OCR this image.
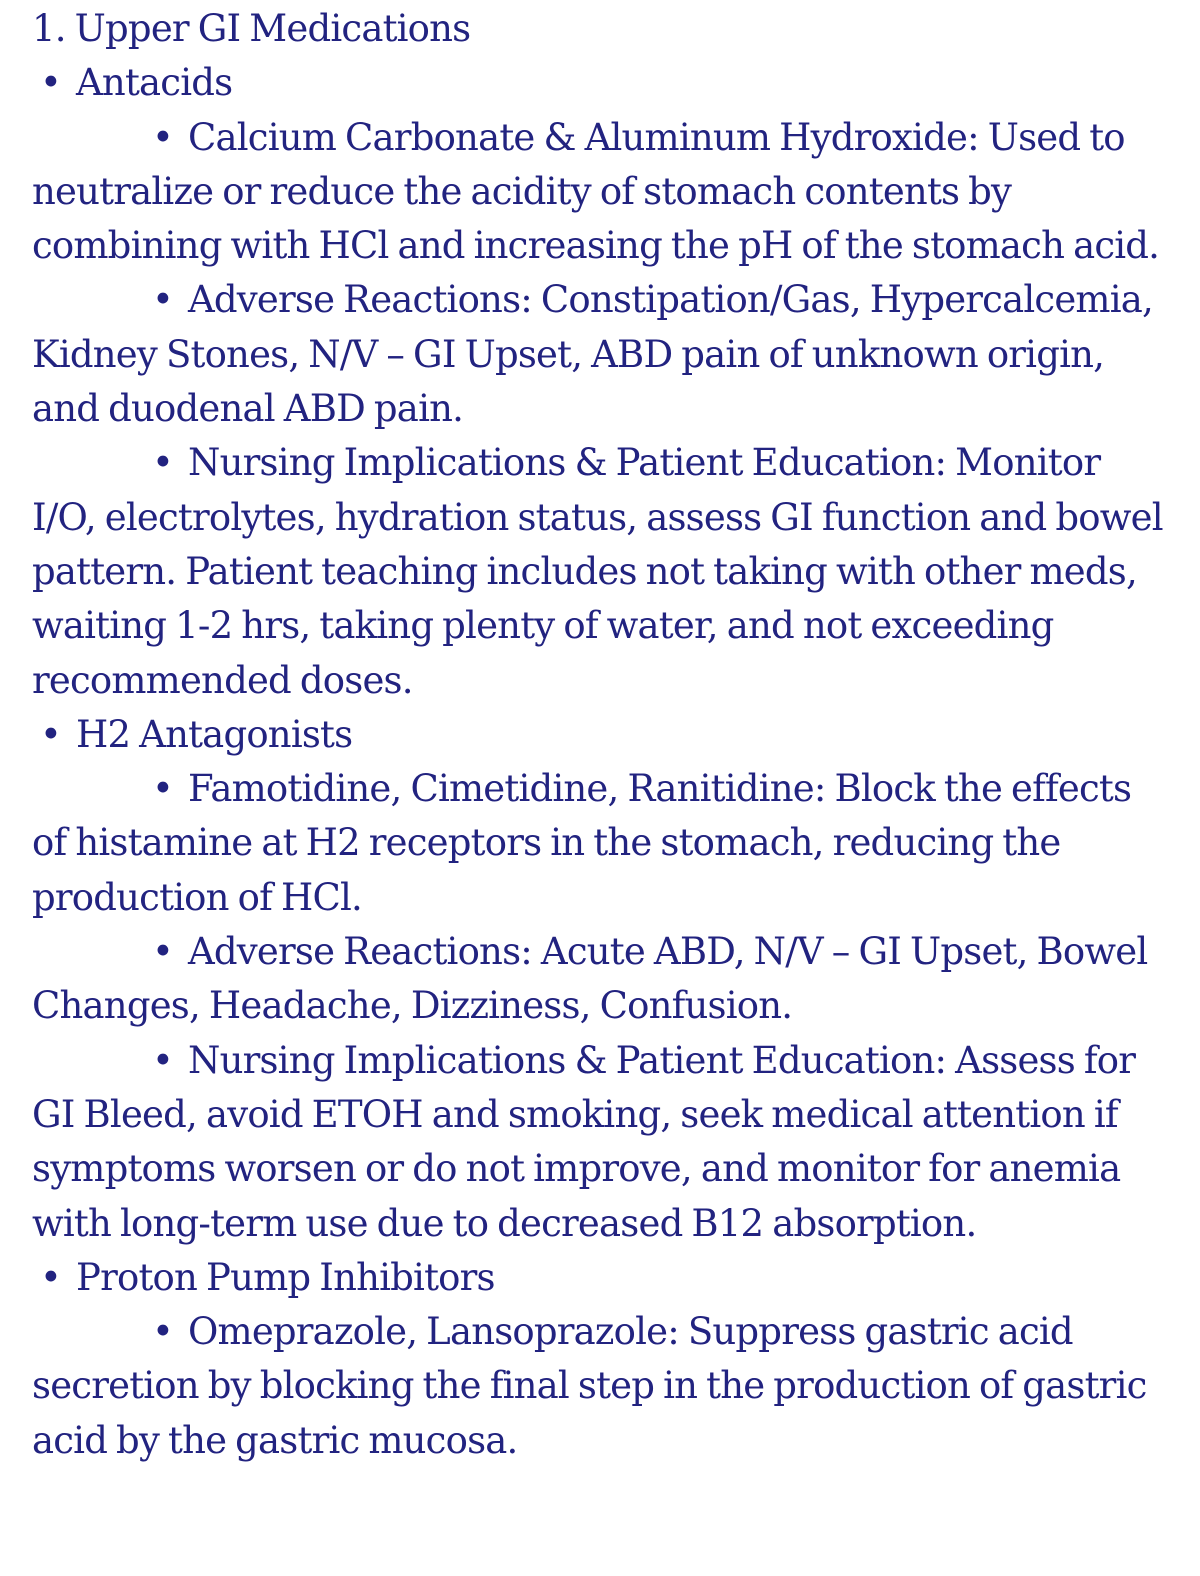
1. Upper GI Medications
• Antacids
• Calcium Carbonate & Aluminum Hydroxide: Used to neutralize or reduce the acidity of stomach contents by combining with HCl and increasing the pH of the stomach acid.
• Adverse Reactions: Constipation/Gas, Hypercalcemia, Kidney Stones, N/V – GI Upset, ABD pain of unknown origin, and duodenal ABD pain.
• Nursing Implications & Patient Education: Monitor I/O, electrolytes, hydration status, assess GI function and bowel pattern. Patient teaching includes not taking with other meds, waiting 1-2 hrs, taking plenty of water, and not exceeding recommended doses.
• H2 Antagonists
• Famotidine, Cimetidine, Ranitidine: Block the effects of histamine at H2 receptors in the stomach, reducing the production of HCl.
• Adverse Reactions: Acute ABD, N/V – GI Upset, Bowel Changes, Headache, Dizziness, Confusion.
• Nursing Implications & Patient Education: Assess for GI Bleed, avoid ETOH and smoking, seek medical attention if symptoms worsen or do not improve, and monitor for anemia with long-term use due to decreased B12 absorption.
• Proton Pump Inhibitors
• Omeprazole, Lansoprazole: Suppress gastric acid secretion by blocking the final step in the production of gastric acid by the gastric mucosa.
